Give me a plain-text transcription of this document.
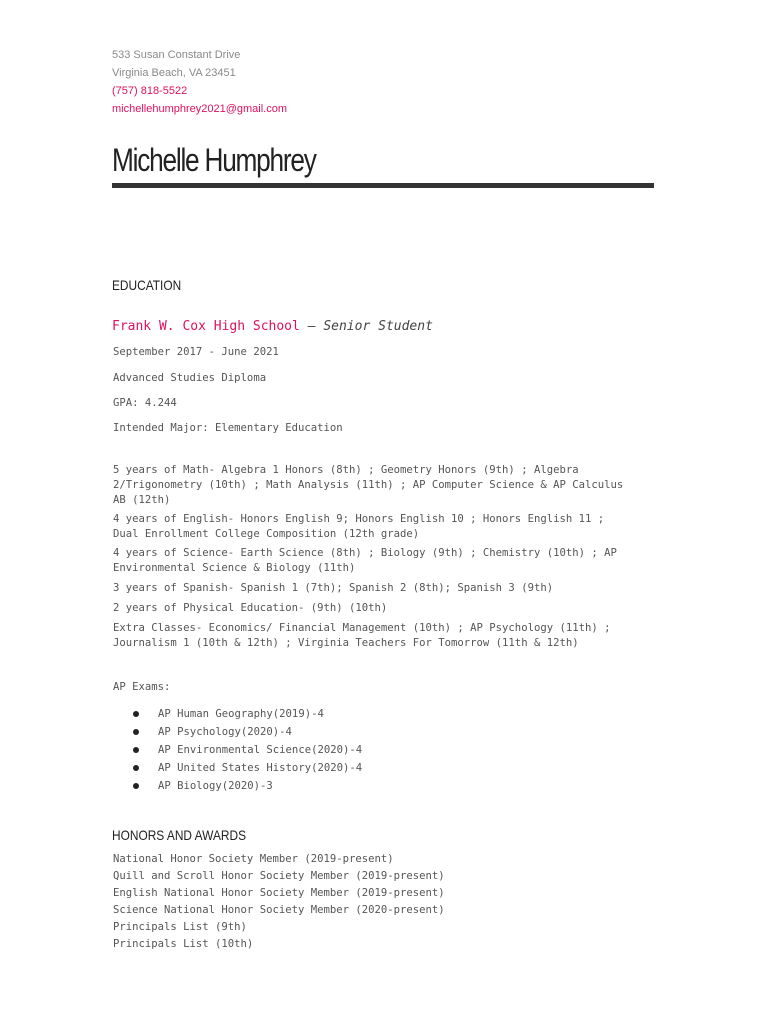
533 Susan Constant Drive
Virginia Beach, VA 23451
(757) 818-5522
michellehumphrey2021@gmail.com
Michelle Humphrey
EDUCATION
Frank W. Cox High School — Senior Student
September 2017 - June 2021
Advanced Studies Diploma
GPA: 4.244
Intended Major: Elementary Education
5 years of Math- Algebra 1 Honors (8th) ; Geometry Honors (9th) ; Algebra
2/Trigonometry (10th) ; Math Analysis (11th) ; AP Computer Science & AP Calculus
AB (12th)
4 years of English- Honors English 9; Honors English 10 ; Honors English 11 ;
Dual Enrollment College Composition (12th grade)
4 years of Science- Earth Science (8th) ; Biology (9th) ; Chemistry (10th) ; AP
Environmental Science & Biology (11th)
3 years of Spanish- Spanish 1 (7th); Spanish 2 (8th); Spanish 3 (9th)
2 years of Physical Education- (9th) (10th)
Extra Classes- Economics/ Financial Management (10th) ; AP Psychology (11th) ;
Journalism 1 (10th & 12th) ; Virginia Teachers For Tomorrow (11th & 12th)
AP Exams:
AP Human Geography(2019)-4
AP Psychology(2020)-4
AP Environmental Science(2020)-4
AP United States History(2020)-4
AP Biology(2020)-3
HONORS AND AWARDS
National Honor Society Member (2019-present)
Quill and Scroll Honor Society Member (2019-present)
English National Honor Society Member (2019-present)
Science National Honor Society Member (2020-present)
Principals List (9th)
Principals List (10th)
